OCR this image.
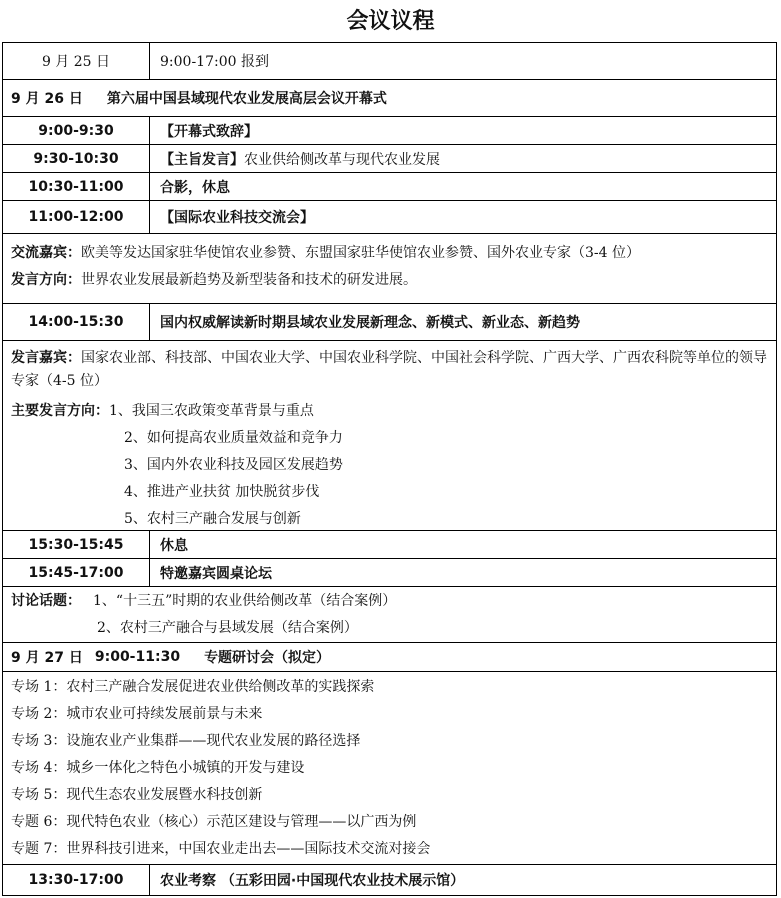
会议议程
9 月 25 日	9:00-17:00 报到
9 月 26 日 第六届中国县域现代农业发展高层会议开幕式
9:00-9:30	【开幕式致辞】
9:30-10:30	【主旨发言】 农业供给侧改革与现代农业发展
10:30-11:00	合影，休息
11:00-12:00	【国际农业科技交流会】
交流嘉宾：欧美等发达国家驻华使馆农业参赞、东盟国家驻华使馆农业参赞、国外农业专家（3-4 位）
发言方向：世界农业发展最新趋势及新型装备和技术的研发进展。
14:00-15:30	国内权威解读新时期县域农业发展新理念、新模式、新业态、新趋势
发言嘉宾：国家农业部、科技部、中国农业大学、中国农业科学院、中国社会科学院、广西大学、广西农科院等单位的领导专家（4-5 位）
主要发言方向：1、我国三农政策变革背景与重点
2、如何提高农业质量效益和竞争力
3、国内外农业科技及园区发展趋势
4、推进产业扶贫 加快脱贫步伐
5、农村三产融合发展与创新
15:30-15:45	休息
15:45-17:00	特邀嘉宾圆桌论坛
讨论话题： 1、“十三五”时期的农业供给侧改革（结合案例）
2、农村三产融合与县域发展（结合案例）
9 月 27 日 9:00-11:30 专题研讨会（拟定）
专场 1：农村三产融合发展促进农业供给侧改革的实践探索
专场 2：城市农业可持续发展前景与未来
专场 3：设施农业产业集群——现代农业发展的路径选择
专场 4：城乡一体化之特色小城镇的开发与建设
专场 5：现代生态农业发展暨水科技创新
专题 6：现代特色农业（核心）示范区建设与管理——以广西为例
专题 7：世界科技引进来，中国农业走出去——国际技术交流对接会
13:30-17:00	农业考察 （五彩田园·中国现代农业技术展示馆）
